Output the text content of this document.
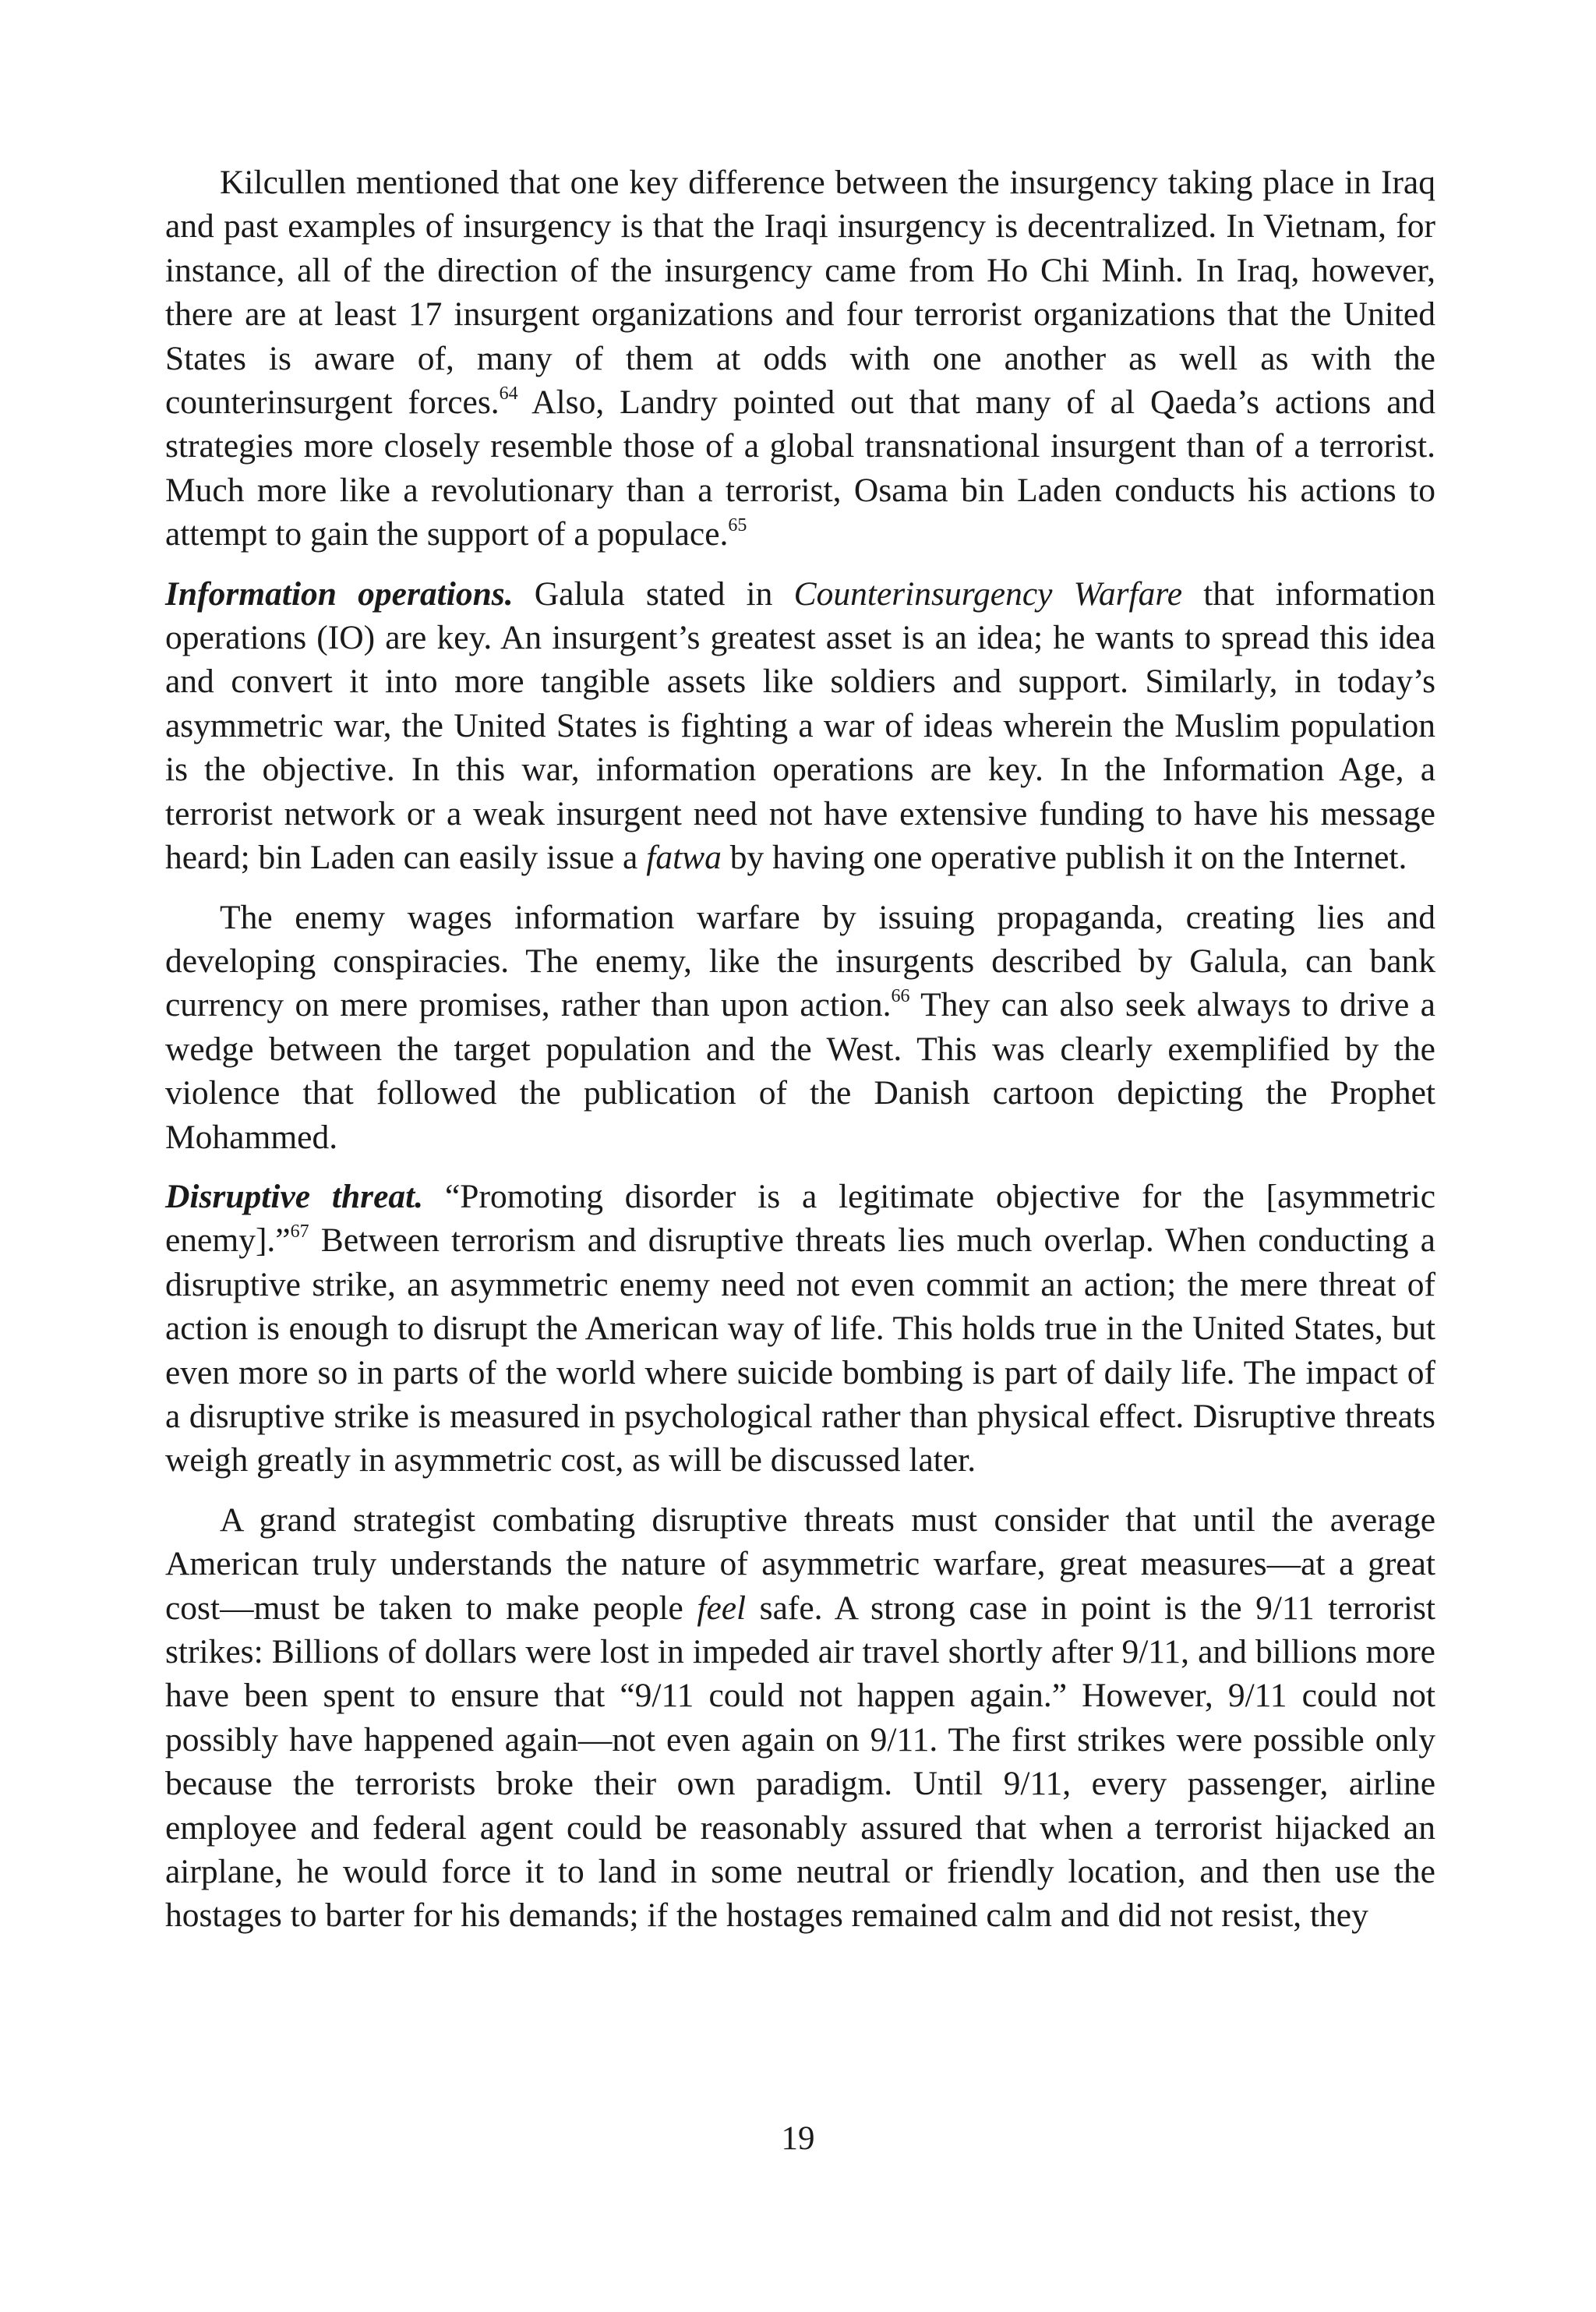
Kilcullen mentioned that one key difference between the insurgency taking place in Iraq and past examples of insurgency is that the Iraqi insurgency is decentralized. In Vietnam, for instance, all of the direction of the insurgency came from Ho Chi Minh. In Iraq, however, there are at least 17 insurgent organizations and four terrorist organizations that the United States is aware of, many of them at odds with one another as well as with the counterinsurgent forces.$^{64}$ Also, Landry pointed out that many of al Qaeda’s actions and strategies more closely resemble those of a global transnational insurgent than of a terrorist. Much more like a revolutionary than a terrorist, Osama bin Laden conducts his actions to attempt to gain the support of a populace.$^{65}$

Information operations. Galula stated in Counterinsurgency Warfare that information operations (IO) are key. An insurgent’s greatest asset is an idea; he wants to spread this idea and convert it into more tangible assets like soldiers and support. Similarly, in today’s asymmetric war, the United States is fighting a war of ideas wherein the Muslim population is the objective. In this war, information operations are key. In the Information Age, a terrorist network or a weak insurgent need not have extensive funding to have his message heard; bin Laden can easily issue a fatwa by having one operative publish it on the Internet.

The enemy wages information warfare by issuing propaganda, creating lies and developing conspiracies. The enemy, like the insurgents described by Galula, can bank currency on mere promises, rather than upon action.$^{66}$ They can also seek always to drive a wedge between the target population and the West. This was clearly exemplified by the violence that followed the publication of the Danish cartoon depicting the Prophet Mohammed.

Disruptive threat. “Promoting disorder is a legitimate objective for the [asymmetric enemy].”$^{67}$ Between terrorism and disruptive threats lies much overlap. When conducting a disruptive strike, an asymmetric enemy need not even commit an action; the mere threat of action is enough to disrupt the American way of life. This holds true in the United States, but even more so in parts of the world where suicide bombing is part of daily life. The impact of a disruptive strike is measured in psychological rather than physical effect. Disruptive threats weigh greatly in asymmetric cost, as will be discussed later.

A grand strategist combating disruptive threats must consider that until the average American truly understands the nature of asymmetric warfare, great measures—at a great cost—must be taken to make people feel safe. A strong case in point is the 9/11 terrorist strikes: Billions of dollars were lost in impeded air travel shortly after 9/11, and billions more have been spent to ensure that “9/11 could not happen again.” However, 9/11 could not possibly have happened again—not even again on 9/11. The first strikes were possible only because the terrorists broke their own paradigm. Until 9/11, every passenger, airline employee and federal agent could be reasonably assured that when a terrorist hijacked an airplane, he would force it to land in some neutral or friendly location, and then use the hostages to barter for his demands; if the hostages remained calm and did not resist, they

19
